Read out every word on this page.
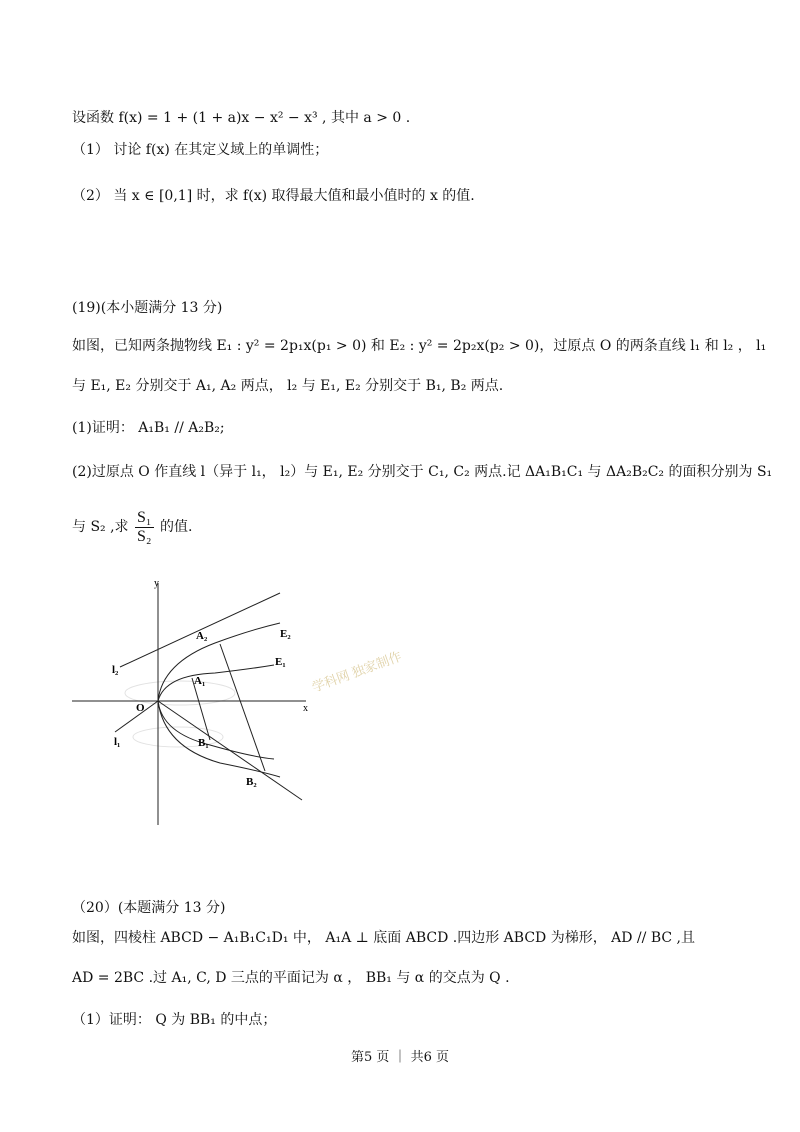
设函数 f(x) = 1 + (1 + a)x − x² − x³ , 其中 a > 0 .
（1） 讨论 f(x) 在其定义域上的单调性；
（2） 当 x ∈ [0,1] 时，求 f(x) 取得最大值和最小值时的 x 的值.
(19)(本小题满分 13 分)
如图，已知两条抛物线 E₁ : y² = 2p₁x(p₁ > 0) 和 E₂ : y² = 2p₂x(p₂ > 0)，过原点 O 的两条直线 l₁ 和 l₂ ， l₁
与 E₁, E₂ 分别交于 A₁, A₂ 两点， l₂ 与 E₁, E₂ 分别交于 B₁, B₂ 两点.
(1)证明： A₁B₁ // A₂B₂;
(2)过原点 O 作直线 l（异于 l₁， l₂）与 E₁, E₂ 分别交于 C₁, C₂ 两点.记 ΔA₁B₁C₁ 与 ΔA₂B₂C₂ 的面积分别为 S₁
与 S₂ ,求 $\frac{\text{S₁}}{\text{S₂}}$ 的值.
学科网 独家制作
y
x
O
l₂
l₁
A₂
A₁
B₁
B₂
E₂
E₁
（20）(本题满分 13 分)
如图，四棱柱 ABCD − A₁B₁C₁D₁ 中， A₁A ⊥ 底面 ABCD .四边形 ABCD 为梯形， AD // BC ,且
AD = 2BC .过 A₁, C, D 三点的平面记为 α ， BB₁ 与 α 的交点为 Q .
（1）证明： Q 为 BB₁ 的中点；
第5 页 ｜ 共6 页
